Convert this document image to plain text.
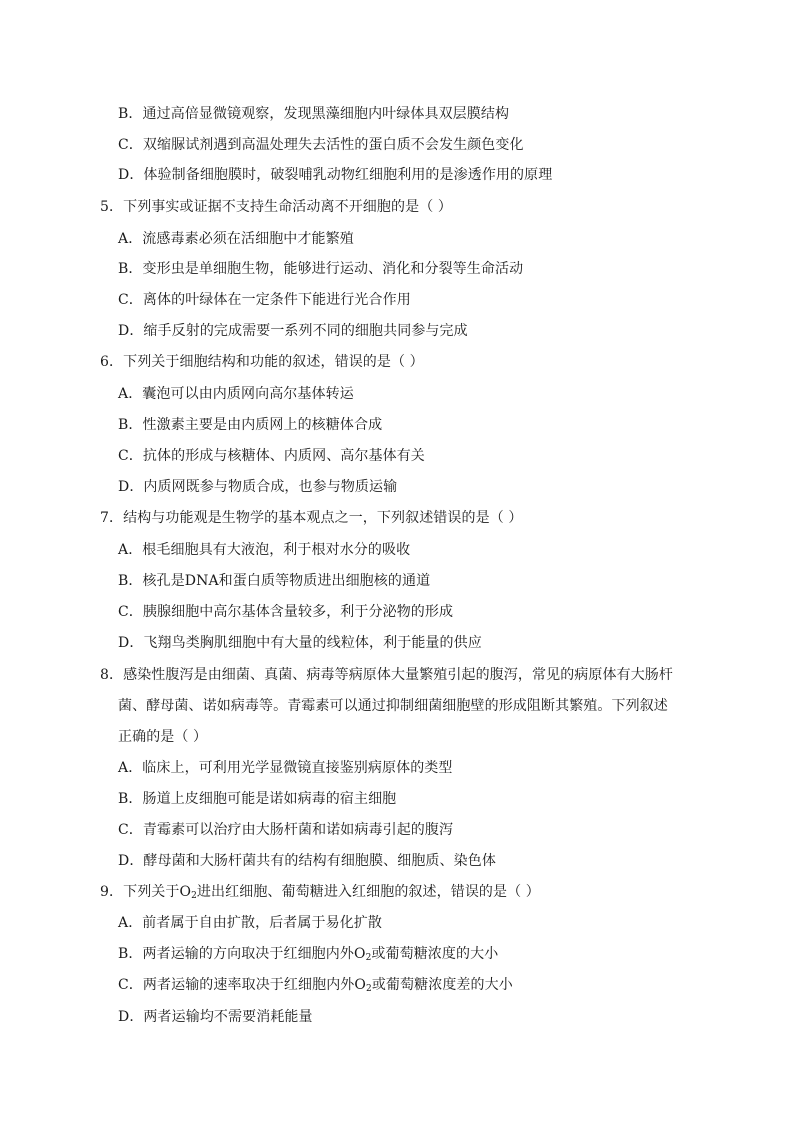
B．通过高倍显微镜观察，发现黑藻细胞内叶绿体具双层膜结构
C．双缩脲试剂遇到高温处理失去活性的蛋白质不会发生颜色变化
D．体验制备细胞膜时，破裂哺乳动物红细胞利用的是渗透作用的原理
5．下列事实或证据不支持生命活动离不开细胞的是（ ）
A．流感毒素必须在活细胞中才能繁殖
B．变形虫是单细胞生物，能够进行运动、消化和分裂等生命活动
C．离体的叶绿体在一定条件下能进行光合作用
D．缩手反射的完成需要一系列不同的细胞共同参与完成
6．下列关于细胞结构和功能的叙述，错误的是（ ）
A．囊泡可以由内质网向高尔基体转运
B．性激素主要是由内质网上的核糖体合成
C．抗体的形成与核糖体、内质网、高尔基体有关
D．内质网既参与物质合成，也参与物质运输
7．结构与功能观是生物学的基本观点之一，下列叙述错误的是（ ）
A．根毛细胞具有大液泡，利于根对水分的吸收
B．核孔是DNA和蛋白质等物质进出细胞核的通道
C．胰腺细胞中高尔基体含量较多，利于分泌物的形成
D．飞翔鸟类胸肌细胞中有大量的线粒体，利于能量的供应
8．感染性腹泻是由细菌、真菌、病毒等病原体大量繁殖引起的腹泻，常见的病原体有大肠杆
菌、酵母菌、诺如病毒等。青霉素可以通过抑制细菌细胞壁的形成阻断其繁殖。下列叙述
正确的是（ ）
A．临床上，可利用光学显微镜直接鉴别病原体的类型
B．肠道上皮细胞可能是诺如病毒的宿主细胞
C．青霉素可以治疗由大肠杆菌和诺如病毒引起的腹泻
D．酵母菌和大肠杆菌共有的结构有细胞膜、细胞质、染色体
9．下列关于$O_2$进出红细胞、葡萄糖进入红细胞的叙述，错误的是（ ）
A．前者属于自由扩散，后者属于易化扩散
B．两者运输的方向取决于红细胞内外$O_2$或葡萄糖浓度的大小
C．两者运输的速率取决于红细胞内外$O_2$或葡萄糖浓度差的大小
D．两者运输均不需要消耗能量
